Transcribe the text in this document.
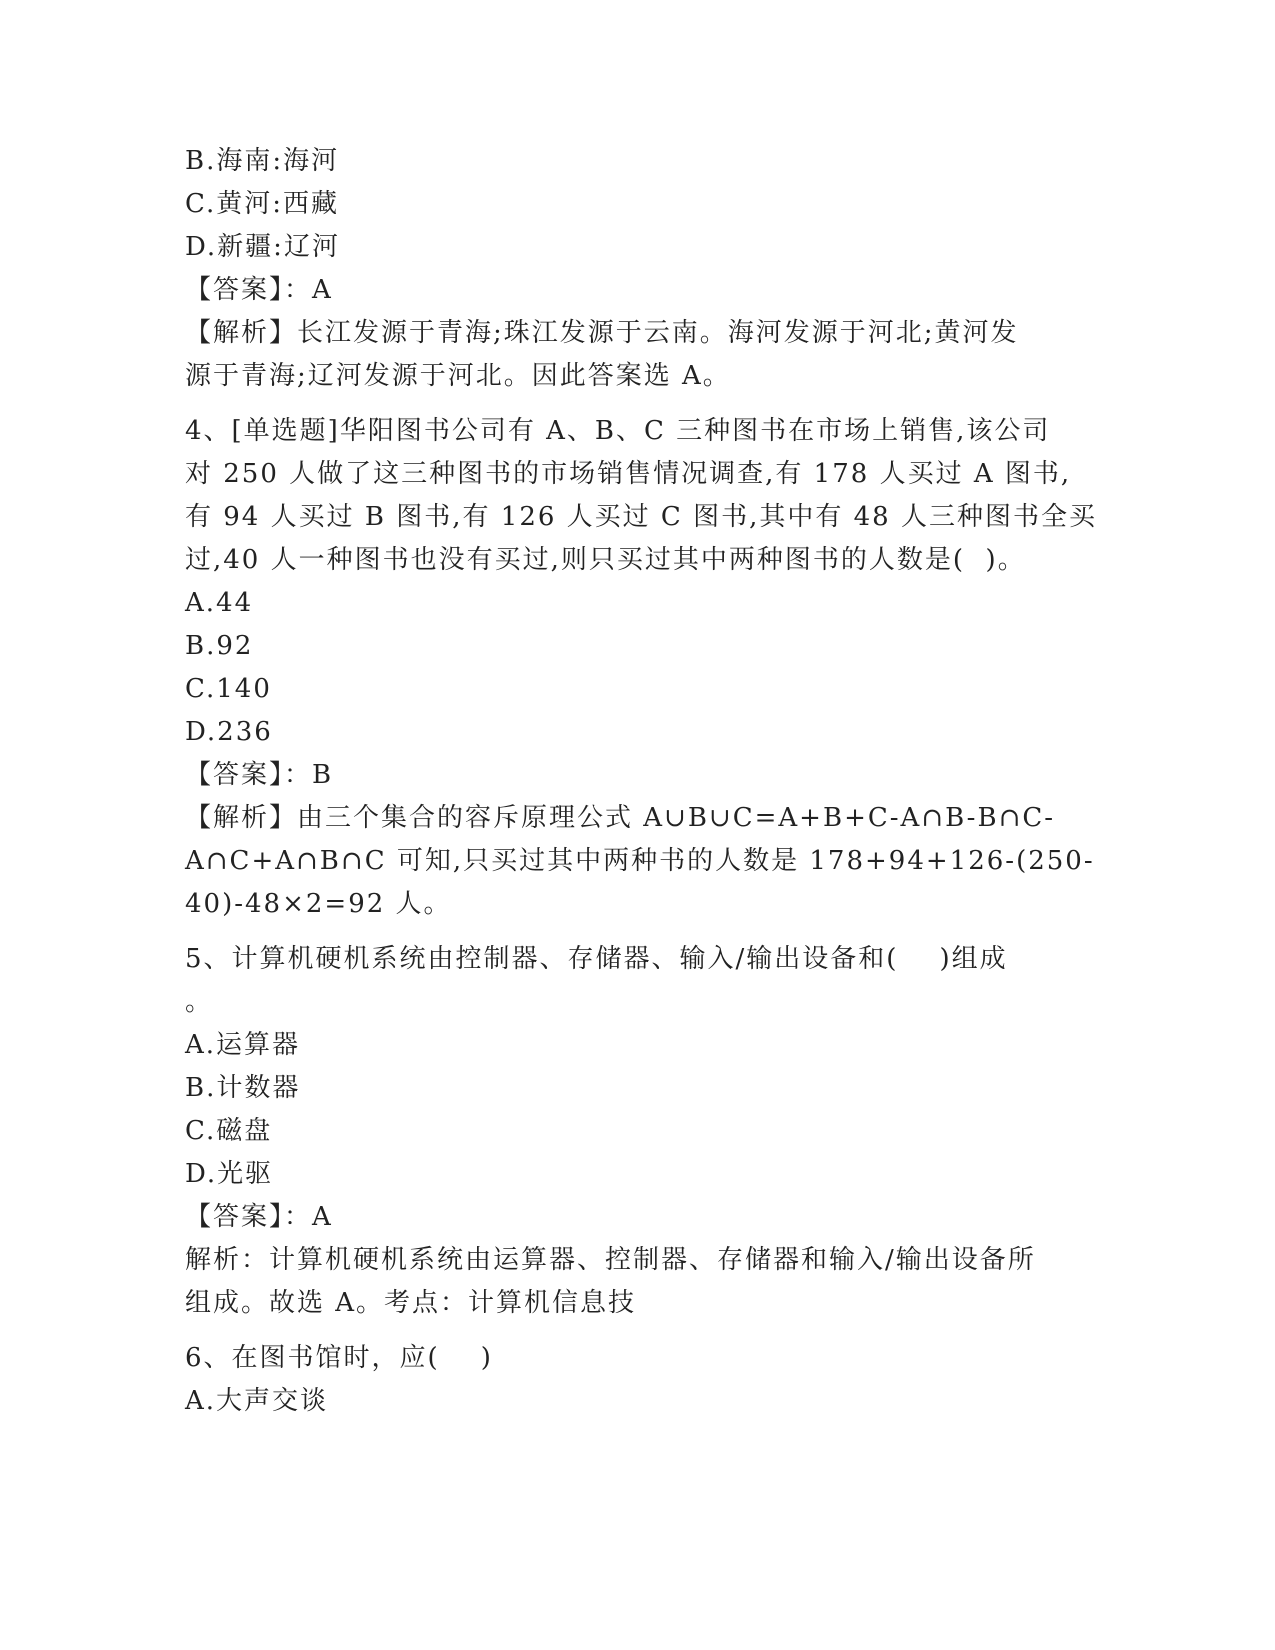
B.海南:海河
C.黄河:西藏
D.新疆:辽河
【答案】：A
【解析】长江发源于青海;珠江发源于云南。海河发源于河北;黄河发
源于青海;辽河发源于河北。因此答案选 A。
4、[单选题]华阳图书公司有 A、B、C 三种图书在市场上销售,该公司
对 250 人做了这三种图书的市场销售情况调查,有 178 人买过 A 图书,
有 94 人买过 B 图书,有 126 人买过 C 图书,其中有 48 人三种图书全买
过,40 人一种图书也没有买过,则只买过其中两种图书的人数是(  )。
A.44
B.92
C.140
D.236
【答案】：B
【解析】由三个集合的容斥原理公式 A∪B∪C=A+B+C-A∩B-B∩C-
A∩C+A∩B∩C 可知,只买过其中两种书的人数是 178+94+126-(250-
40)-48×2=92 人。
5、计算机硬机系统由控制器、存储器、输入/输出设备和(    )组成
。
A.运算器
B.计数器
C.磁盘
D.光驱
【答案】：A
解析：计算机硬机系统由运算器、控制器、存储器和输入/输出设备所
组成。故选 A。考点：计算机信息技
6、在图书馆时，应(    )
A.大声交谈
